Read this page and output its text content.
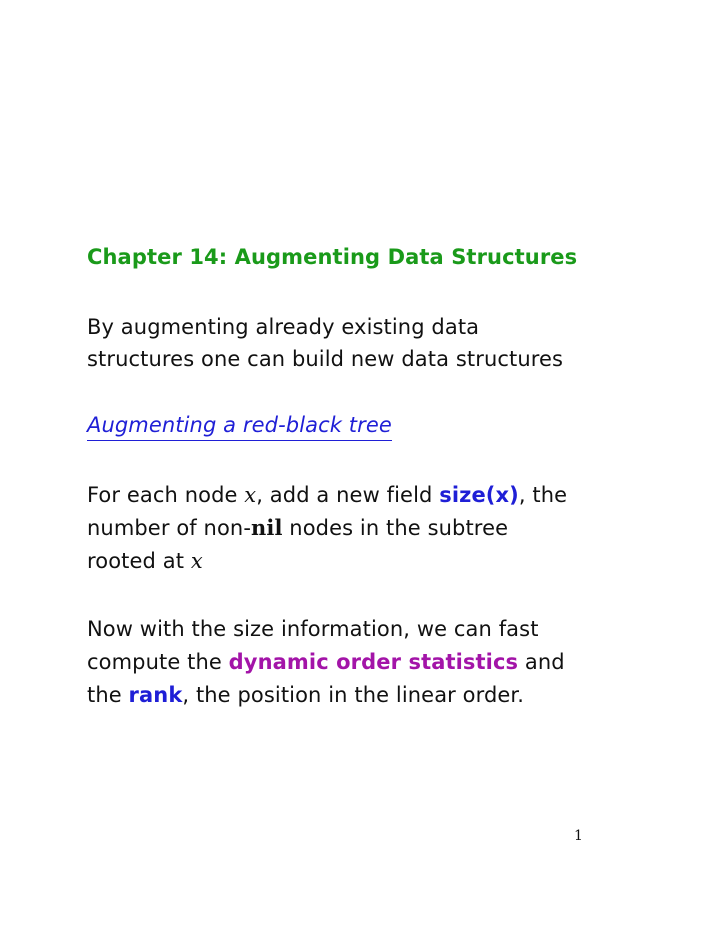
Chapter 14: Augmenting Data Structures
By augmenting already existing data
structures one can build new data structures
Augmenting a red-black tree
For each node x, add a new field size(x), the
number of non-nil nodes in the subtree
rooted at x
Now with the size information, we can fast
compute the dynamic order statistics and
the rank, the position in the linear order.
1
